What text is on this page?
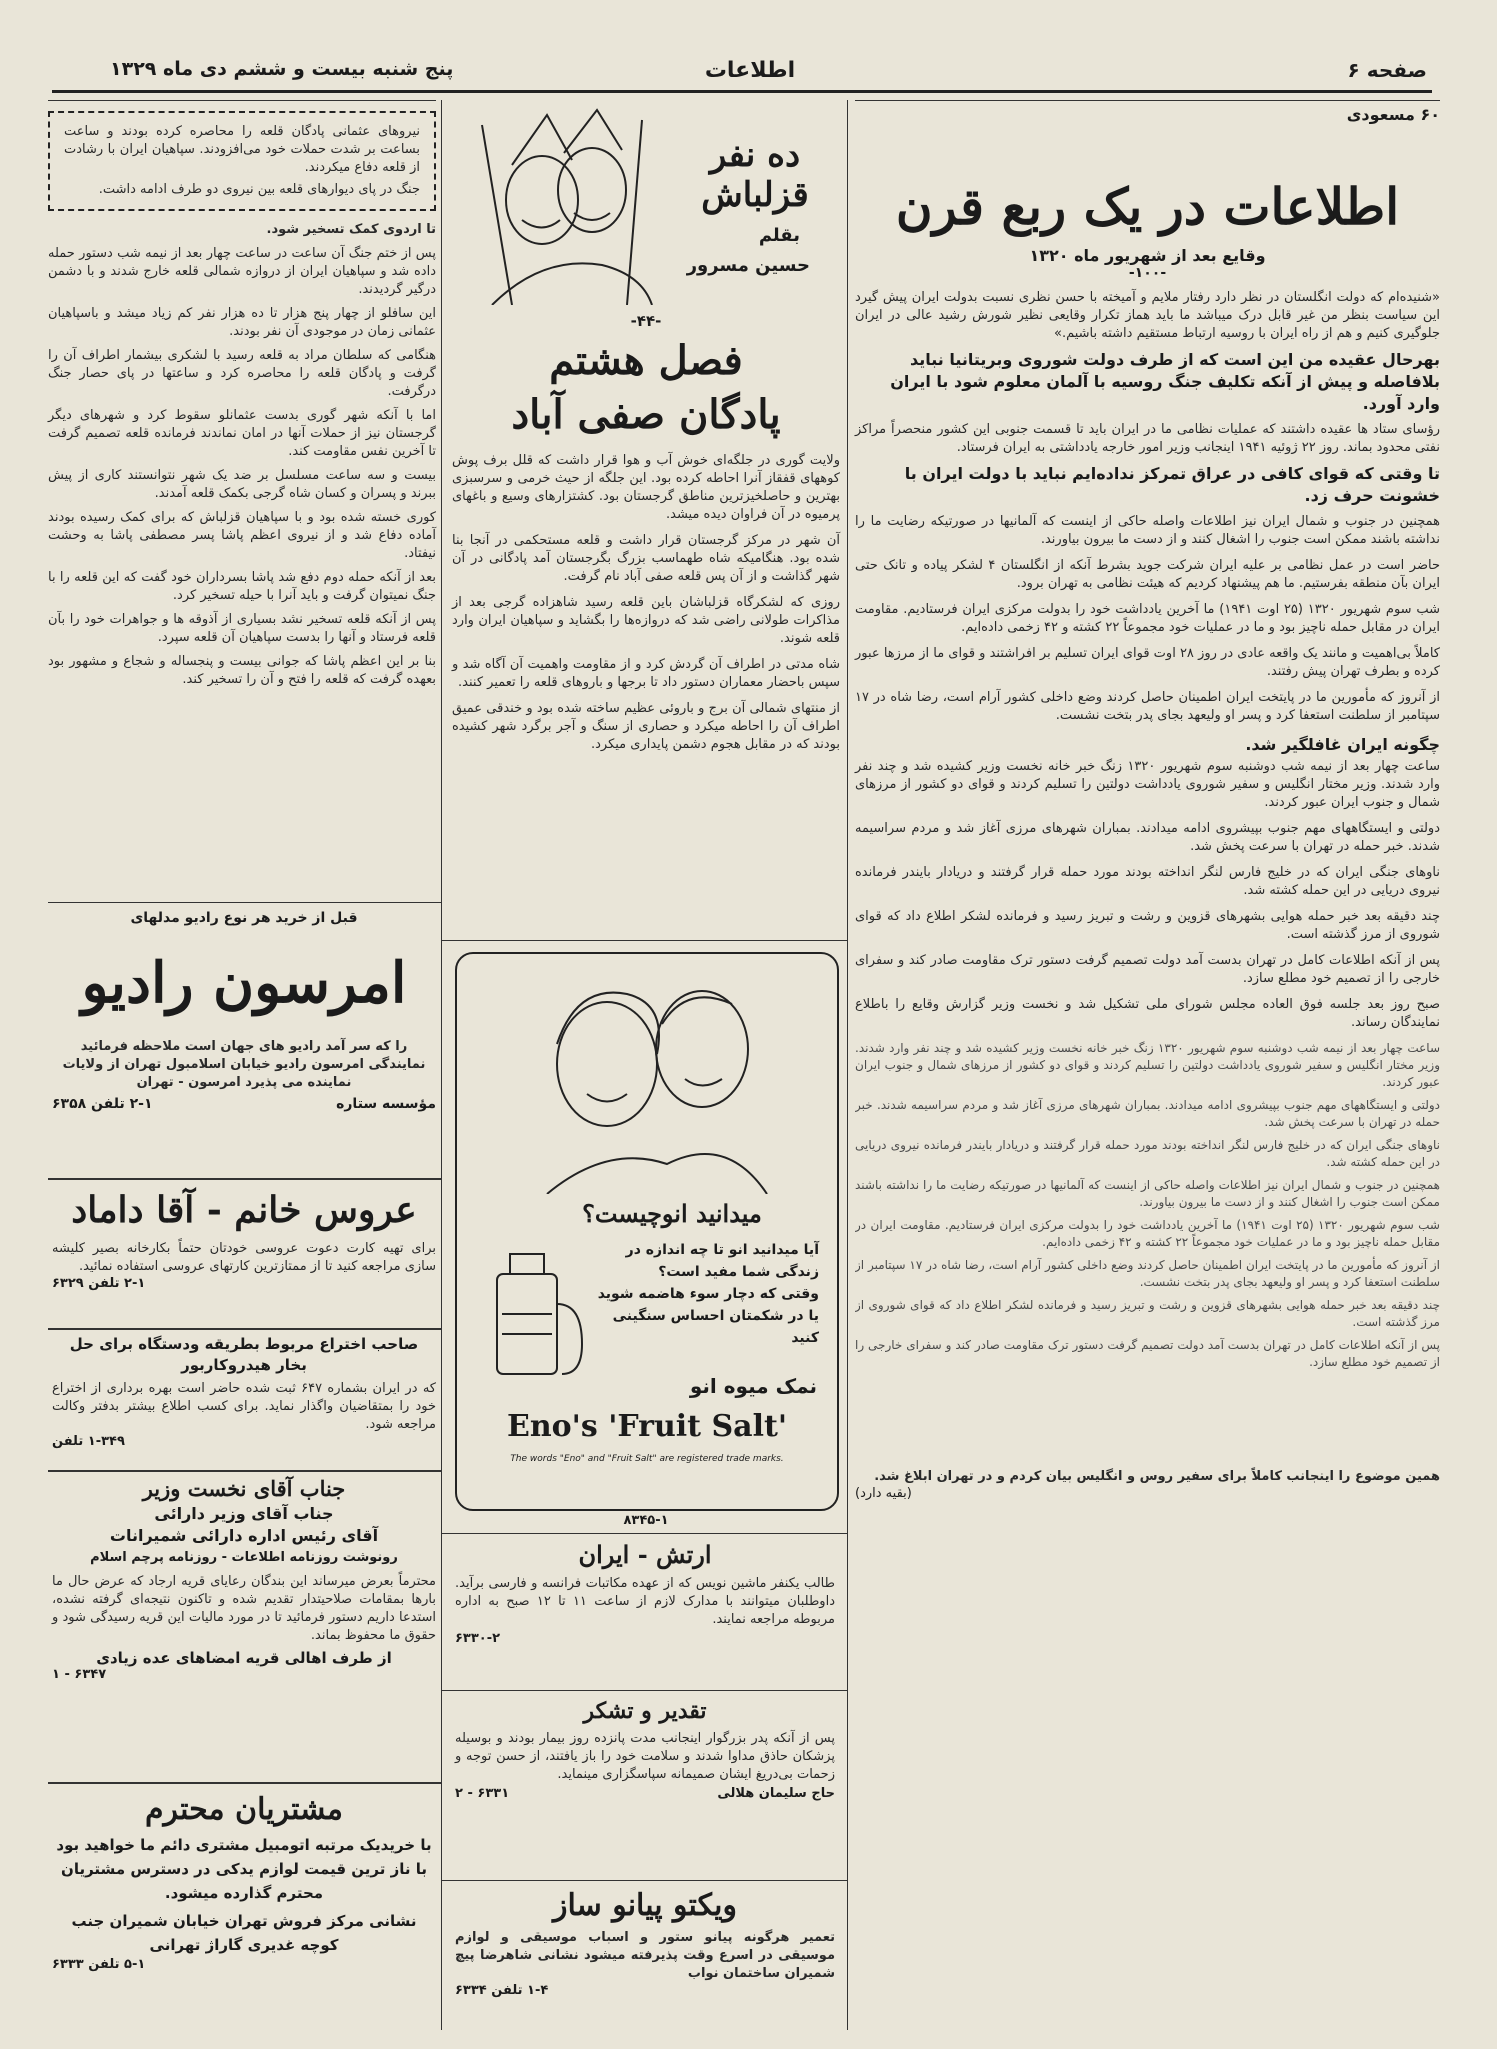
صفحه ۶
اطلاعات
پنج شنبه بیست و ششم دی ماه ۱۳۲۹
۶۰ مسعودی
اطلاعات در یک ربع قرن
وقایع بعد از شهریور ماه ۱۳۲۰
-۱۰۰-
«شنیده‌ام که دولت انگلستان در نظر دارد رفتار ملایم و آمیخته با حسن نظری نسبت بدولت ایران پیش گیرد این سیاست بنظر من غیر قابل درک میباشد ما باید هماز تکرار وقایعی نظیر شورش رشید عالی در ایران جلوگیری کنیم و هم از راه ایران با روسیه ارتباط مستقیم داشته باشیم.»
بهرحال عقیده من این است که از طرف دولت شوروی وبریتانیا نباید بلافاصله و پیش از آنکه تکلیف جنگ روسیه با آلمان معلوم شود با ایران وارد آورد.
رؤسای ستاد ها عقیده داشتند که عملیات نظامی ما در ایران باید تا قسمت جنوبی این کشور منحصراً مراکز نفتی محدود بماند. روز ۲۲ ژوئیه ۱۹۴۱ اینجانب وزیر امور خارجه یادداشتی به ایران فرستاد.
تا وقتی که قوای کافی در عراق تمرکز نداده‌ایم نباید با دولت ایران با خشونت حرف زد.
همچنین در جنوب و شمال ایران نیز اطلاعات واصله حاکی از اینست که آلمانیها در صورتیکه رضایت ما را نداشته باشند ممکن است جنوب را اشغال کنند و از دست ما بیرون بیاورند.
حاضر است در عمل نظامی بر علیه ایران شرکت جوید بشرط آنکه از انگلستان ۴ لشکر پیاده و تانک حتی ایران بآن منطقه بفرستیم. ما هم پیشنهاد کردیم که هیئت نظامی به تهران برود.
شب سوم شهریور ۱۳۲۰ (۲۵ اوت ۱۹۴۱) ما آخرین یادداشت خود را بدولت مرکزی ایران فرستادیم. مقاومت ایران در مقابل حمله ناچیز بود و ما در عملیات خود مجموعاً ۲۲ کشته و ۴۲ زخمی داده‌ایم.
کاملاً بی‌اهمیت و مانند یک واقعه عادی در روز ۲۸ اوت قوای ایران تسلیم بر افراشتند و قوای ما از مرزها عبور کرده و بطرف تهران پیش رفتند.
از آنروز که مأمورین ما در پایتخت ایران اطمینان حاصل کردند وضع داخلی کشور آرام است، رضا شاه در ۱۷ سپتامبر از سلطنت استعفا کرد و پسر او ولیعهد بجای پدر بتخت نشست.
چگونه ایران غافلگیر شد.
ساعت چهار بعد از نیمه شب دوشنبه سوم شهریور ۱۳۲۰ زنگ خبر خانه نخست وزیر کشیده شد و چند نفر وارد شدند. وزیر مختار انگلیس و سفیر شوروی یادداشت دولتین را تسلیم کردند و قوای دو کشور از مرزهای شمال و جنوب ایران عبور کردند.
دولتی و ایستگاههای مهم جنوب بپیشروی ادامه میدادند. بمباران شهرهای مرزی آغاز شد و مردم سراسیمه شدند. خبر حمله در تهران با سرعت پخش شد.
ناوهای جنگی ایران که در خلیج فارس لنگر انداخته بودند مورد حمله قرار گرفتند و دریادار بایندر فرمانده نیروی دریایی در این حمله کشته شد.
چند دقیقه بعد خبر حمله هوایی بشهرهای قزوین و رشت و تبریز رسید و فرمانده لشکر اطلاع داد که قوای شوروی از مرز گذشته است.
پس از آنکه اطلاعات کامل در تهران بدست آمد دولت تصمیم گرفت دستور ترک مقاومت صادر کند و سفرای خارجی را از تصمیم خود مطلع سازد.
صبح روز بعد جلسه فوق العاده مجلس شورای ملی تشکیل شد و نخست وزیر گزارش وقایع را باطلاع نمایندگان رساند.
ساعت چهار بعد از نیمه شب دوشنبه سوم شهریور ۱۳۲۰ زنگ خبر خانه نخست وزیر کشیده شد و چند نفر وارد شدند. وزیر مختار انگلیس و سفیر شوروی یادداشت دولتین را تسلیم کردند و قوای دو کشور از مرزهای شمال و جنوب ایران عبور کردند.
دولتی و ایستگاههای مهم جنوب بپیشروی ادامه میدادند. بمباران شهرهای مرزی آغاز شد و مردم سراسیمه شدند. خبر حمله در تهران با سرعت پخش شد.
ناوهای جنگی ایران که در خلیج فارس لنگر انداخته بودند مورد حمله قرار گرفتند و دریادار بایندر فرمانده نیروی دریایی در این حمله کشته شد.
همچنین در جنوب و شمال ایران نیز اطلاعات واصله حاکی از اینست که آلمانیها در صورتیکه رضایت ما را نداشته باشند ممکن است جنوب را اشغال کنند و از دست ما بیرون بیاورند.
شب سوم شهریور ۱۳۲۰ (۲۵ اوت ۱۹۴۱) ما آخرین یادداشت خود را بدولت مرکزی ایران فرستادیم. مقاومت ایران در مقابل حمله ناچیز بود و ما در عملیات خود مجموعاً ۲۲ کشته و ۴۲ زخمی داده‌ایم.
از آنروز که مأمورین ما در پایتخت ایران اطمینان حاصل کردند وضع داخلی کشور آرام است، رضا شاه در ۱۷ سپتامبر از سلطنت استعفا کرد و پسر او ولیعهد بجای پدر بتخت نشست.
چند دقیقه بعد خبر حمله هوایی بشهرهای قزوین و رشت و تبریز رسید و فرمانده لشکر اطلاع داد که قوای شوروی از مرز گذشته است.
پس از آنکه اطلاعات کامل در تهران بدست آمد دولت تصمیم گرفت دستور ترک مقاومت صادر کند و سفرای خارجی را از تصمیم خود مطلع سازد.
همین موضوع را اینجانب کاملاً برای سفیر روس و انگلیس بیان کردم و در تهران ابلاغ شد.
(بقیه دارد)
ده نفر قزلباش
بقلم
حسین مسرور
-۴۴-
فصل هشتم
پادگان صفی آباد
ولایت گوری در جلگه‌ای خوش آب و هوا قرار داشت که قلل برف پوش کوههای قفقاز آنرا احاطه کرده بود. این جلگه از حیث خرمی و سرسبزی بهترین و حاصلخیزترین مناطق گرجستان بود. کشتزارهای وسیع و باغهای پرمیوه در آن فراوان دیده میشد.
آن شهر در مرکز گرجستان قرار داشت و قلعه مستحکمی در آنجا بنا شده بود. هنگامیکه شاه طهماسب بزرگ بگرجستان آمد پادگانی در آن شهر گذاشت و از آن پس قلعه صفی آباد نام گرفت.
روزی که لشکرگاه قزلباشان باین قلعه رسید شاهزاده گرجی بعد از مذاکرات طولانی راضی شد که دروازه‌ها را بگشاید و سپاهیان ایران وارد قلعه شوند.
شاه مدتی در اطراف آن گردش کرد و از مقاومت واهمیت آن آگاه شد و سپس باحضار معماران دستور داد تا برجها و باروهای قلعه را تعمیر کنند.
از منتهای شمالی آن برج و باروئی عظیم ساخته شده بود و خندقی عمیق اطراف آن را احاطه میکرد و حصاری از سنگ و آجر برگرد شهر کشیده بودند که در مقابل هجوم دشمن پایداری میکرد.
میدانید انوچیست؟
آیا میدانید انو تا چه اندازه در زندگی شما مفید است؟
وقتی که دچار سوء هاضمه شوید
یا در شکمتان احساس سنگینی کنید
نمک میوه انو
Eno's 'Fruit Salt'
The words "Eno" and "Fruit Salt" are registered trade marks.
۸۳۴۵-۱
ارتش - ایران
طالب یکنفر ماشین نویس که از عهده مکاتبات فرانسه و فارسی برآید. داوطلبان میتوانند با مدارک لازم از ساعت ۱۱ تا ۱۲ صبح به اداره مربوطه مراجعه نمایند.
۶۳۳۰-۲
تقدیر و تشکر
پس از آنکه پدر بزرگوار اینجانب مدت پانزده روز بیمار بودند و بوسیله پزشکان حاذق مداوا شدند و سلامت خود را باز یافتند، از حسن توجه و زحمات بی‌دریغ ایشان صمیمانه سپاسگزاری مینماید.
حاج سلیمان هلالی
۶۳۳۱ - ۲
ویکتو پیانو ساز
تعمیر هرگونه پیانو ستور و اسباب موسیقی و لوازم موسیقی در اسرع وقت پذیرفته میشود نشانی شاهرضا پیچ شمیران ساختمان نواب
۱-۴ تلفن ۶۳۳۴
نیروهای عثمانی پادگان قلعه را محاصره کرده بودند و ساعت بساعت بر شدت حملات خود می‌افزودند. سپاهیان ایران با رشادت از قلعه دفاع میکردند.
جنگ در پای دیوارهای قلعه بین نیروی دو طرف ادامه داشت.
تا اردوی کمک تسخیر شود.
پس از ختم جنگ آن ساعت در ساعت چهار بعد از نیمه شب دستور حمله داده شد و سپاهیان ایران از دروازه شمالی قلعه خارج شدند و با دشمن درگیر گردیدند.
این سافلو از چهار پنج هزار تا ده هزار نفر کم زیاد میشد و باسپاهیان عثمانی زمان در موجودی آن نفر بودند.
هنگامی که سلطان مراد به قلعه رسید با لشکری بیشمار اطراف آن را گرفت و پادگان قلعه را محاصره کرد و ساعتها در پای حصار جنگ درگرفت.
اما با آنکه شهر گوری بدست عثمانلو سقوط کرد و شهرهای دیگر گرجستان نیز از حملات آنها در امان نماندند فرمانده قلعه تصمیم گرفت تا آخرین نفس مقاومت کند.
بیست و سه ساعت مسلسل بر ضد یک شهر نتوانستند کاری از پیش ببرند و پسران و کسان شاه گرجی بکمک قلعه آمدند.
کوری خسته شده بود و با سپاهیان قزلباش که برای کمک رسیده بودند آماده دفاع شد و از نیروی اعظم پاشا پسر مصطفی پاشا به وحشت نیفتاد.
بعد از آنکه حمله دوم دفع شد پاشا بسرداران خود گفت که این قلعه را با جنگ نمیتوان گرفت و باید آنرا با حیله تسخیر کرد.
پس از آنکه قلعه تسخیر نشد بسیاری از آذوقه ها و جواهرات خود را بآن قلعه فرستاد و آنها را بدست سپاهیان آن قلعه سپرد.
بنا بر این اعظم پاشا که جوانی بیست و پنجساله و شجاع و مشهور بود بعهده گرفت که قلعه را فتح و آن را تسخیر کند.
قبل از خرید هر نوع رادیو مدلهای
امرسون رادیو
را که سر آمد رادیو های جهان است ملاحظه فرمائید نمایندگی امرسون رادیو خیابان اسلامبول تهران از ولایات نماینده می پذیرد امرسون - تهران
مؤسسه ستاره
۲-۱ تلفن ۶۳۵۸
عروس خانم - آقا داماد
برای تهیه کارت دعوت عروسی خودتان حتماً بکارخانه بصیر کلیشه سازی مراجعه کنید تا از ممتازترین کارتهای عروسی استفاده نمائید.
۲-۱ تلفن ۶۳۲۹
صاحب اختراع مربوط بطریقه ودستگاه برای حل بخار هیدروکاربور
که در ایران بشماره ۶۴۷ ثبت شده حاضر است بهره برداری از اختراع خود را بمتقاضیان واگذار نماید. برای کسب اطلاع بیشتر بدفتر وکالت مراجعه شود.
۱-۳۴۹ تلفن
جناب آقای نخست وزیر
جناب آقای وزیر دارائی
آقای رئیس اداره دارائی شمیرانات
رونوشت روزنامه اطلاعات - روزنامه پرچم اسلام
محترماً بعرض میرساند این بندگان رعایای قریه ارجاد که عرض حال ما بارها بمقامات صلاحیتدار تقدیم شده و تاکنون نتیجه‌ای گرفته نشده، استدعا داریم دستور فرمائید تا در مورد مالیات این قریه رسیدگی شود و حقوق ما محفوظ بماند.
از طرف اهالی قریه امضاهای عده زیادی
۶۳۴۷ - ۱
مشتریان محترم
با خریدیک مرتبه اتومبیل مشتری دائم ما خواهید بود با ناز ترین قیمت لوازم یدکی در دسترس مشتریان محترم گذارده میشود.
نشانی مرکز فروش تهران خیابان شمیران جنب کوچه غدیری گاراژ تهرانی
۵-۱ تلفن ۶۳۳۳
